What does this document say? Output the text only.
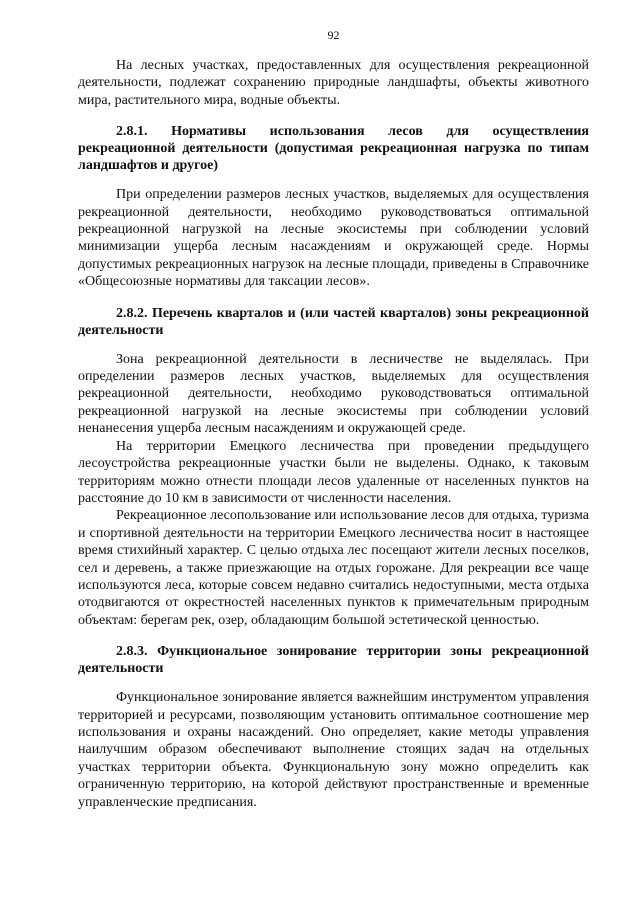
92

На лесных участках, предоставленных для осуществления рекреационной деятельности, подлежат сохранению природные ландшафты, объекты животного мира, растительного мира, водные объекты.

2.8.1. Нормативы использования лесов для осуществления рекреационной деятельности (допустимая рекреационная нагрузка по типам ландшафтов и другое)

При определении размеров лесных участков, выделяемых для осуществления рекреационной деятельности, необходимо руководствоваться оптимальной рекреационной нагрузкой на лесные экосистемы при соблюдении условий минимизации ущерба лесным насаждениям и окружающей среде. Нормы допустимых рекреационных нагрузок на лесные площади, приведены в Справочнике «Общесоюзные нормативы для таксации лесов».

2.8.2. Перечень кварталов и (или частей кварталов) зоны рекреационной деятельности

Зона рекреационной деятельности в лесничестве не выделялась. При определении размеров лесных участков, выделяемых для осуществления рекреационной деятельности, необходимо руководствоваться оптимальной рекреационной нагрузкой на лесные экосистемы при соблюдении условий ненанесения ущерба лесным насаждениям и окружающей среде.

На территории Емецкого лесничества при проведении предыдущего лесоустройства рекреационные участки были не выделены. Однако, к таковым территориям можно отнести площади лесов удаленные от населенных пунктов на расстояние до 10 км в зависимости от численности населения.

Рекреационное лесопользование или использование лесов для отдыха, туризма и спортивной деятельности на территории Емецкого лесничества носит в настоящее время стихийный характер. С целью отдыха лес посещают жители лесных поселков, сел и деревень, а также приезжающие на отдых горожане. Для рекреации все чаще используются леса, которые совсем недавно считались недоступными, места отдыха отодвигаются от окрестностей населенных пунктов к примечательным природным объектам: берегам рек, озер, обладающим большой эстетической ценностью.

2.8.3. Функциональное зонирование территории зоны рекреационной деятельности

Функциональное зонирование является важнейшим инструментом управления территорией и ресурсами, позволяющим установить оптимальное соотношение мер использования и охраны насаждений. Оно определяет, какие методы управления наилучшим образом обеспечивают выполнение стоящих задач на отдельных участках территории объекта. Функциональную зону можно определить как ограниченную территорию, на которой действуют пространственные и временные управленческие предписания.
